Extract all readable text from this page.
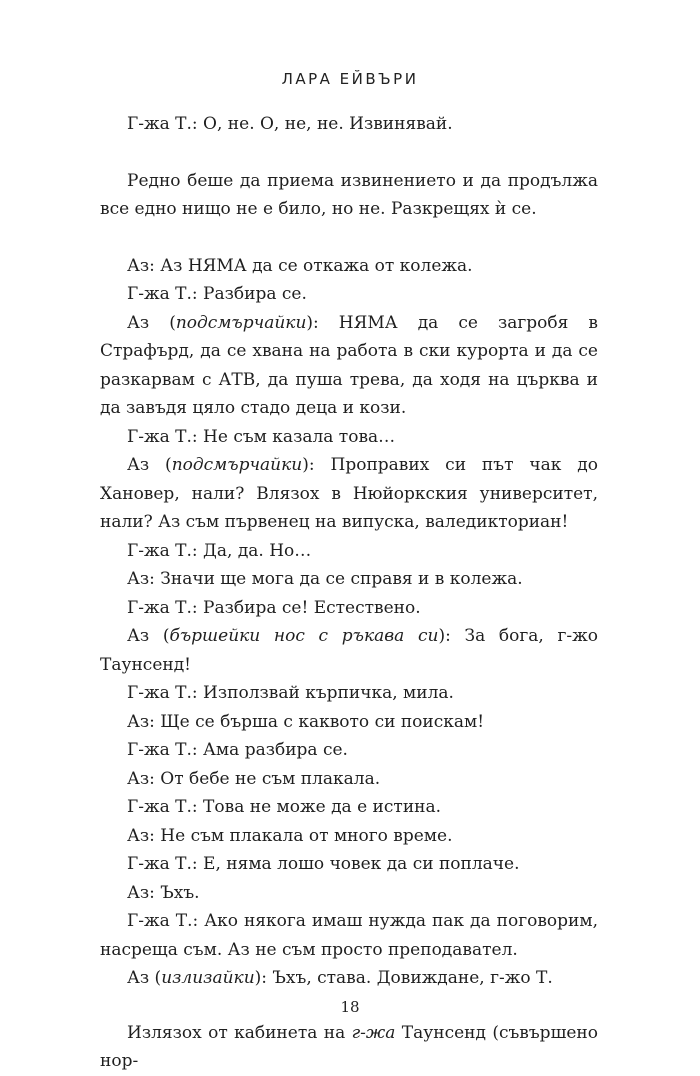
ЛАРА ЕЙВЪРИ

Г-жа Т.: О, не. О, не, не. Извинявай.

Редно беше да приема извинението и да продължа все едно нищо не е било, но не. Разкрещях ѝ се.

Аз: Аз НЯМА да се откажа от колежа.

Г-жа Т.: Разбира се.

Аз (подсмърчайки): НЯМА да се загробя в Страфърд, да се хвана на работа в ски курорта и да се разкарвам с АТВ, да пуша трева, да ходя на църква и да завъдя цяло стадо деца и кози.

Г-жа Т.: Не съм казала това…

Аз (подсмърчайки): Проправих си път чак до Хановер, нали? Влязох в Нюйоркския университет, нали? Аз съм първенец на випуска, валедикториан!

Г-жа Т.: Да, да. Но…

Аз: Значи ще мога да се справя и в колежа.

Г-жа Т.: Разбира се! Естествено.

Аз (бършейки нос с ръкава си): За бога, г-жо Таунсенд!

Г-жа Т.: Използвай кърпичка, мила.

Аз: Ще се бърша с каквото си поискам!

Г-жа Т.: Ама разбира се.

Аз: От бебе не съм плакала.

Г-жа Т.: Това не може да е истина.

Аз: Не съм плакала от много време.

Г-жа Т.: Е, няма лошо човек да си поплаче.

Аз: Ъхъ.

Г-жа Т.: Ако някога имаш нужда пак да поговорим, насреща съм. Аз не съм просто преподавател.

Аз (излизайки): Ъхъ, става. Довиждане, г-жо Т.

Излязох от кабинета на г-жа Таунсенд (съвършено нор-

18
